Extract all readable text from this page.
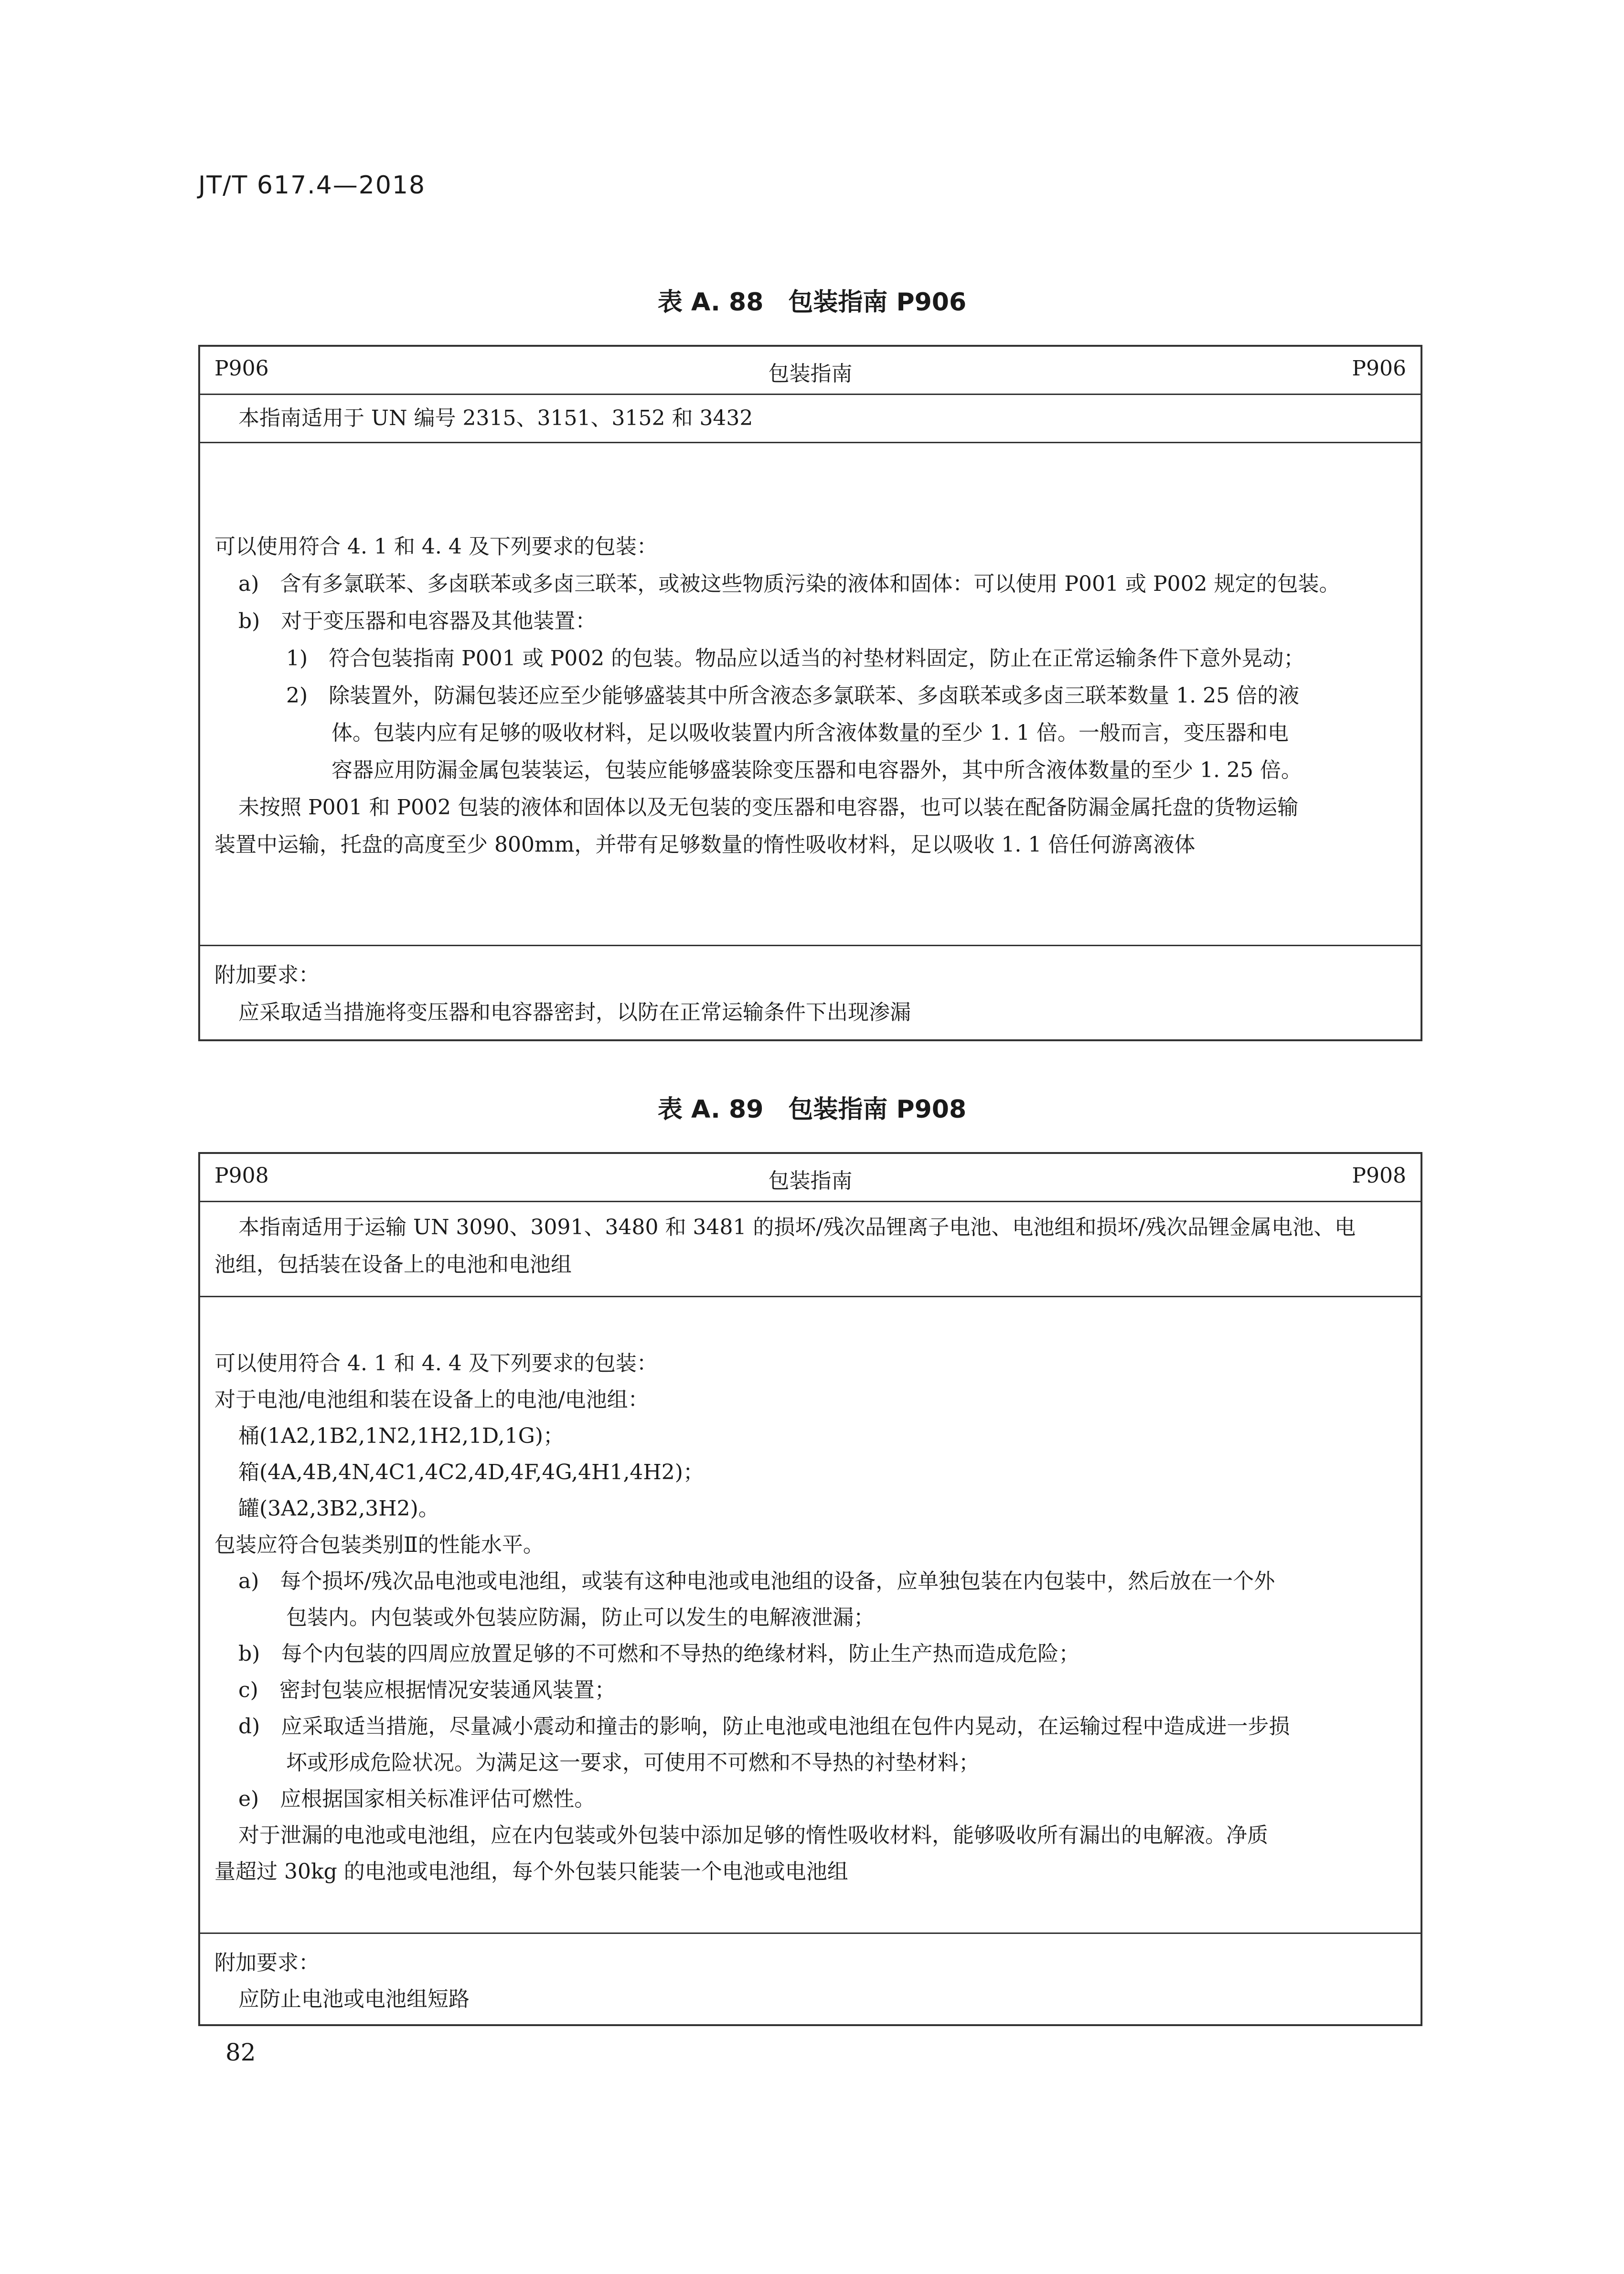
JT/T 617.4—2018
表 A. 88　包装指南 P906
P906	包装指南	P906
本指南适用于 UN 编号 2315、3151、3152 和 3432
可以使用符合 4. 1 和 4. 4 及下列要求的包装：
a)　含有多氯联苯、多卤联苯或多卤三联苯，或被这些物质污染的液体和固体：可以使用 P001 或 P002 规定的包装。
b)　对于变压器和电容器及其他装置：
1)　符合包装指南 P001 或 P002 的包装。物品应以适当的衬垫材料固定，防止在正常运输条件下意外晃动；
2)　除装置外，防漏包装还应至少能够盛装其中所含液态多氯联苯、多卤联苯或多卤三联苯数量 1. 25 倍的液
体。包装内应有足够的吸收材料，足以吸收装置内所含液体数量的至少 1. 1 倍。一般而言，变压器和电
容器应用防漏金属包装装运，包装应能够盛装除变压器和电容器外，其中所含液体数量的至少 1. 25 倍。
未按照 P001 和 P002 包装的液体和固体以及无包装的变压器和电容器，也可以装在配备防漏金属托盘的货物运输
装置中运输，托盘的高度至少 800mm，并带有足够数量的惰性吸收材料，足以吸收 1. 1 倍任何游离液体
附加要求：
应采取适当措施将变压器和电容器密封，以防在正常运输条件下出现渗漏
表 A. 89　包装指南 P908
P908	包装指南	P908
本指南适用于运输 UN 3090、3091、3480 和 3481 的损坏/残次品锂离子电池、电池组和损坏/残次品锂金属电池、电
池组，包括装在设备上的电池和电池组
可以使用符合 4. 1 和 4. 4 及下列要求的包装：
对于电池/电池组和装在设备上的电池/电池组：
桶(1A2,1B2,1N2,1H2,1D,1G)；
箱(4A,4B,4N,4C1,4C2,4D,4F,4G,4H1,4H2)；
罐(3A2,3B2,3H2)。
包装应符合包装类别Ⅱ的性能水平。
a)　每个损坏/残次品电池或电池组，或装有这种电池或电池组的设备，应单独包装在内包装中，然后放在一个外
包装内。内包装或外包装应防漏，防止可以发生的电解液泄漏；
b)　每个内包装的四周应放置足够的不可燃和不导热的绝缘材料，防止生产热而造成危险；
c)　密封包装应根据情况安装通风装置；
d)　应采取适当措施，尽量减小震动和撞击的影响，防止电池或电池组在包件内晃动，在运输过程中造成进一步损
坏或形成危险状况。为满足这一要求，可使用不可燃和不导热的衬垫材料；
e)　应根据国家相关标准评估可燃性。
对于泄漏的电池或电池组，应在内包装或外包装中添加足够的惰性吸收材料，能够吸收所有漏出的电解液。净质
量超过 30kg 的电池或电池组，每个外包装只能装一个电池或电池组
附加要求：
应防止电池或电池组短路
82
